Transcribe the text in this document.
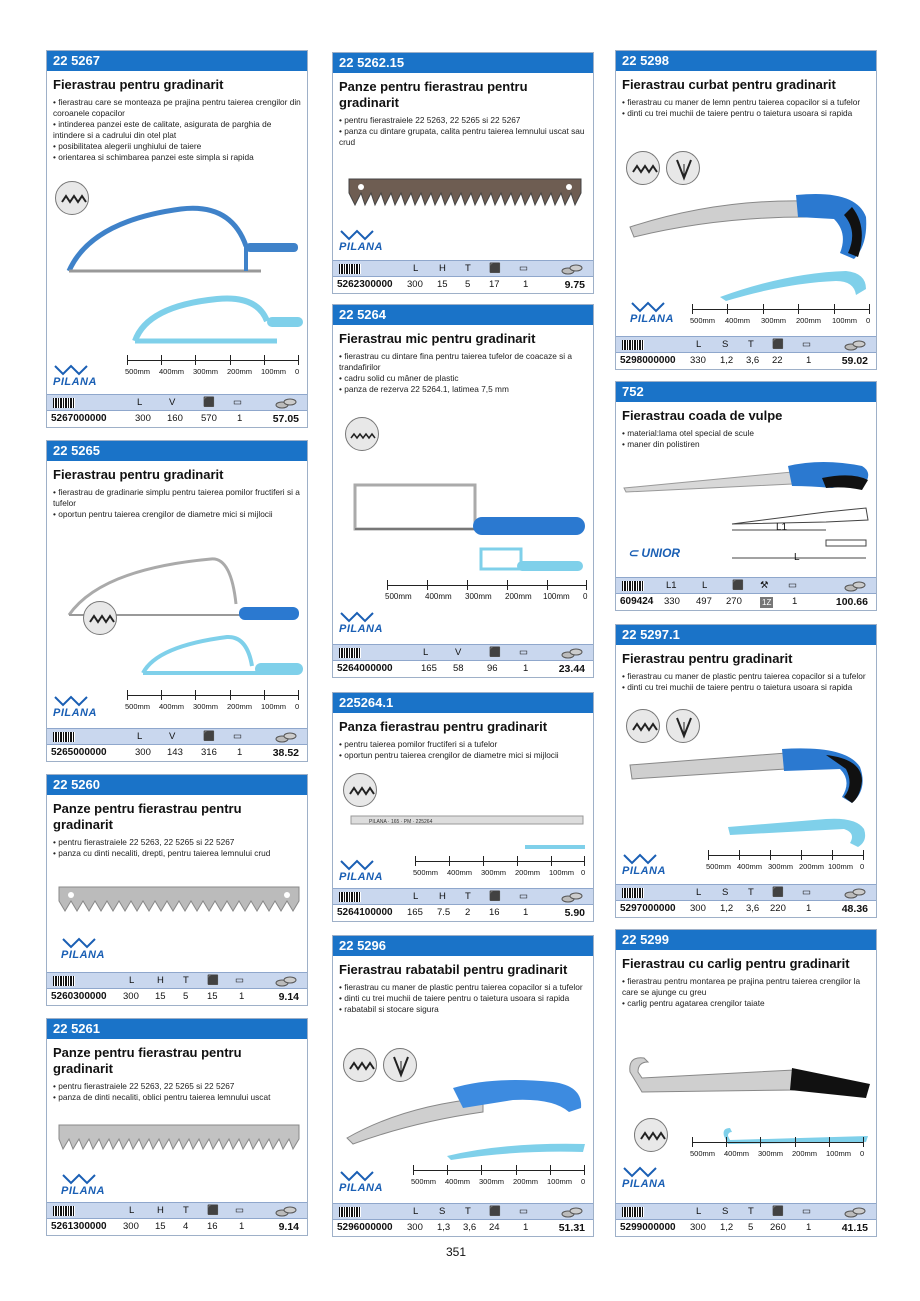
22 5267
Fierastrau pentru gradinarit
• fierastrau care se monteaza pe prajina pentru taierea crengilor din coroanele copacilor
• intinderea panzei este de calitate, asigurata de parghia de intindere si a cadrului din otel plat
• posibilitatea alegerii unghiului de taiere
• orientarea si schimbarea panzei este simpla si rapida
PILANA
500mm 400mm 300mm 200mm 100mm 0
L	V	⬛ ▭
5267000000	300 160 570 1	57.05
22 5265
Fierastrau pentru gradinarit
• fierastrau de gradinarie simplu pentru taierea pomilor fructiferi si a tufelor
• oportun pentru taierea crengilor de diametre mici si mijlocii
PILANA
500mm 400mm 300mm 200mm 100mm 0
L	V	⬛ ▭
5265000000	300 143 316 1	38.52
22 5260
Panze pentru fierastrau pentru gradinarit
• pentru fierastraiele 22 5263, 22 5265 si 22 5267
• panza cu dinti necaliti, drepti, pentru taierea lemnului crud
PILANA
L H T ⬛ ▭
5260300000 300 15 5 15 1	9.14
22 5261
Panze pentru fierastrau pentru gradinarit
• pentru fierastraiele 22 5263, 22 5265 si 22 5267
• panza de dinti necaliti, oblici pentru taierea lemnului uscat
PILANA
L H T ⬛ ▭
5261300000 300 15 4 16 1	9.14
22 5262.15
Panze pentru fierastrau pentru gradinarit
• pentru fierastraiele 22 5263, 22 5265 si 22 5267
• panza cu dintare grupata, calita pentru taierea lemnului uscat sau crud
PILANA
L H T ⬛ ▭
5262300000 300 15 5 17 1	9.75
22 5264
Fierastrau mic pentru gradinarit
• fierastrau cu dintare fina pentru taierea tufelor de coacaze si a trandafirilor
• cadru solid cu mâner de plastic
• panza de rezerva 22 5264.1, latimea 7,5 mm
500mm 400mm 300mm 200mm 100mm 0
PILANA
L	V	⬛ ▭
5264000000	165 58 96	1	23.44
225264.1
Panza fierastrau pentru gradinarit
• pentru taierea pomilor fructiferi si a tufelor
• oportun pentru taierea crengilor de diametre mici si mijlocii
PILANA · 165 · PM · 225264
PILANA	500mm 400mm 300mm 200mm 100mm 0
L H T ⬛ ▭
5264100000 165 7.5 2 16 1	5.90
22 5296
Fierastrau rabatabil pentru gradinarit
• fierastrau cu maner de plastic pentru taierea copacilor si a tufelor
• dinti cu trei muchii de taiere pentru o taietura usoara si rapida
• rabatabil si stocare sigura
PILANA
500mm 400mm 300mm 200mm 100mm 0
L S T ⬛ ▭
5296000000 300 1,3 3,6 24 1	51.31
22 5298
Fierastrau curbat pentru gradinarit
• fierastrau cu maner de lemn pentru taierea copacilor si a tufelor
• dinti cu trei muchii de taiere pentru o taietura usoara si rapida
PILANA 500mm 400mm 300mm 200mm 100mm 0
L S T ⬛ ▭
5298000000 330 1,2 3,6 22 1	59.02
752
Fierastrau coada de vulpe
• material:lama otel special de scule
• maner din polistiren
L1
L
⊂ UNIOR
L1	L	⬛ ⚒ ▭
609424 330 497 270	1Z 1	100.66
22 5297.1
Fierastrau pentru gradinarit
• fierastrau cu maner de plastic pentru taierea copacilor si a tufelor
• dinti cu trei muchii de taiere pentru o taietura usoara si rapida
PILANA	500mm 400mm 300mm 200mm 100mm 0
L S T ⬛ ▭
5297000000 300 1,2 3,6 220 1	48.36
22 5299
Fierastrau cu carlig pentru gradinarit
• fierastrau pentru montarea pe prajina pentru taierea crengilor la care se ajunge cu greu
• carlig pentru agatarea crengilor taiate
PILANA
500mm 400mm 300mm 200mm 100mm 0
L S T ⬛ ▭
5299000000 300 1,2 5 260 1	41.15
351
